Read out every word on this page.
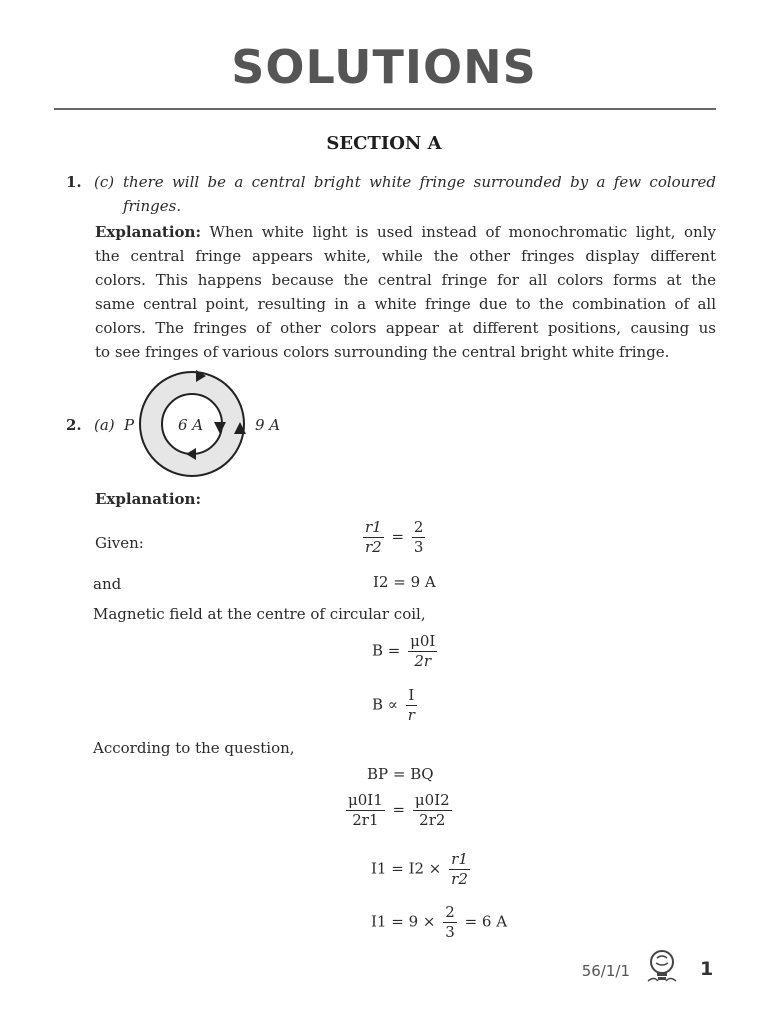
SOLUTIONS
SECTION A
1. (c) there will be a central bright white fringe surrounded by a few coloured
fringes.
Explanation: When white light is used instead of monochromatic light, only
the central fringe appears white, while the other fringes display different
colors. This happens because the central fringe for all colors forms at the
same central point, resulting in a white fringe due to the combination of all
colors. The fringes of other colors appear at different positions, causing us
to see fringes of various colors surrounding the central bright white fringe.
2. (a) P	6 A	9 A
Explanation:
Given:	$\frac{r1}{r2} = \frac{2}{3}$
and	I2 = 9 A
Magnetic field at the centre of circular coil,
$B = \frac{\mu 0I}{2r}$
$B \propto \frac{I}{r}$
According to the question,
BP = BQ
$\frac{\mu 0I1}{2r1} = \frac{\mu 0I2}{2r2}$
$I1 = I2 \times \frac{r1}{r2}$
$I1 = 9 \times \frac{2}{3} = 6$ A
56/1/1	1
